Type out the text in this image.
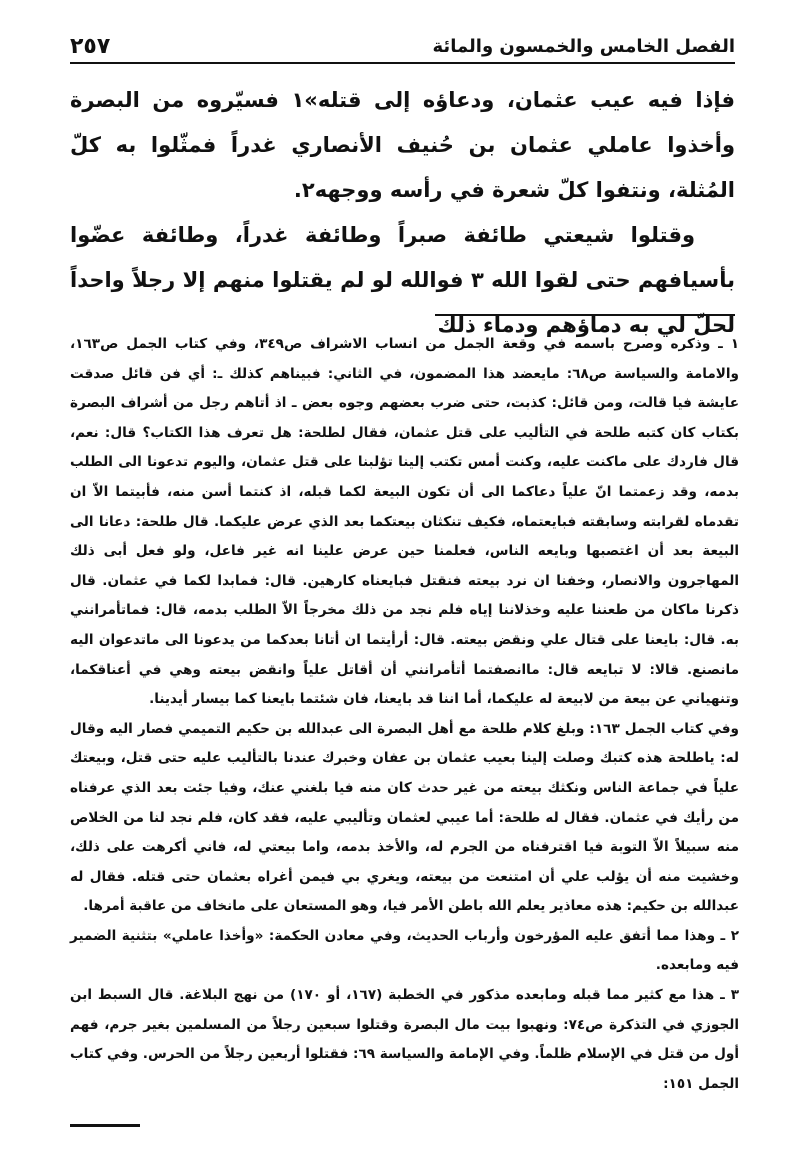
الفصل الخامس والخمسون والمائة
٢٥٧

فإذا فيه عيب عثمان، ودعاؤه إلى قتله»١ فسيّروه من البصرة وأخذوا عاملي عثمان بن حُنيف الأنصاري غدراً فمثّلوا به كلّ المُثلة، ونتفوا كلّ شعرة في رأسه ووجهه٢.

وقتلوا شيعتي طائفة صبراً وطائفة غدراً، وطائفة عضّوا بأسيافهم حتى لقوا الله ٣ فوالله لو لم يقتلوا منهم إلا رجلاً واحداً لحلّ لي به دماؤهم ودماء ذلك

١ ـ وذكره وصرح باسمه في وقعة الجمل من انساب الاشراف ص٣٤٩، وفي كتاب الجمل ص١٦٣، والامامة والسياسة ص٦٨: مايعضد هذا المضمون، في الثاني: فبيناهم كذلك ـ: أي فن قائل صدقت عايشة فيا قالت، ومن قائل: كذبت، حتى ضرب بعضهم وجوه بعض ـ اذ أتاهم رجل من أشراف البصرة بكتاب كان كتبه طلحة في التأليب على قتل عثمان، فقال لطلحة: هل تعرف هذا الكتاب؟ قال: نعم، قال فاردك على ماكنت عليه، وكنت أمس تكتب إلينا تؤلبنا على قتل عثمان، واليوم تدعونا الى الطلب بدمه، وقد زعمتما انّ علياً دعاكما الى أن تكون البيعة لكما قبله، اذ كنتما أسن منه، فأبيتما الاّ ان تقدماه لقرابته وسابقته فبايعتماه، فكيف تنكثان بيعتكما بعد الذي عرض عليكما. قال طلحة: دعانا الى البيعة بعد أن اغتصبها وبايعه الناس، فعلمنا حين عرض علينا انه غير فاعل، ولو فعل أبى ذلك المهاجرون والانصار، وخفنا ان نرد بيعته فنقتل فبايعناه كارهين. قال: فمابدا لكما في عثمان. قال ذكرنا ماكان من طعننا عليه وخذلاننا إياه فلم نجد من ذلك مخرجاً الاّ الطلب بدمه، قال: فماتأمرانني به. قال: بايعنا على قتال علي ونقض بيعته. قال: أرأيتما ان أتانا بعدكما من يدعونا الى ماتدعوان اليه مانصنع. قالا: لا تبايعه قال: ماانصفتما أتأمرانني أن أقاتل علياً وانقض بيعته وهي في أعناقكما، وتنهياني عن بيعة من لابيعة له عليكما، أما اننا قد بايعنا، فان شئتما بايعنا كما بيسار أيدينا.

وفي كتاب الجمل ١٦٣: وبلغ كلام طلحة مع أهل البصرة الى عبدالله بن حكيم التميمي فصار اليه وقال له: ياطلحة هذه كتبك وصلت إلينا بعيب عثمان بن عفان وخبرك عندنا بالتأليب عليه حتى قتل، وبيعتك علياً في جماعة الناس ونكثك بيعته من غير حدث كان منه فيا بلغني عنك، وفيا جئت بعد الذي عرفناه من رأيك في عثمان. فقال له طلحة: أما عيبي لعثمان وتأليبي عليه، فقد كان، فلم نجد لنا من الخلاص منه سبيلاً الاّ التوبة فيا اقترفناه من الجرم له، والأخذ بدمه، واما بيعتي له، فاني أكرهت على ذلك، وخشيت منه أن يؤلب علي أن امتنعت من بيعته، ويغري بي فيمن أغراه بعثمان حتى قتله. فقال له عبدالله بن حكيم: هذه معاذير يعلم الله باطن الأمر فيا، وهو المستعان على مانخاف من عاقبة أمرها.

٢ ـ وهذا مما أتفق عليه المؤرخون وأرباب الحديث، وفي معادن الحكمة: «وأخذا عاملي» بتثنية الضمير فيه ومابعده.

٣ ـ هذا مع كثير مما قبله ومابعده مذكور في الخطبة (١٦٧، أو ١٧٠) من نهج البلاغة. قال السبط ابن الجوزي في التذكرة ص٧٤: ونهبوا بيت مال البصرة وقتلوا سبعين رجلاً من المسلمين بغير جرم، فهم أول من قتل في الإسلام ظلماً. وفي الإمامة والسياسة ٦٩: فقتلوا أربعين رجلاً من الحرس. وفي كتاب الجمل ١٥١:
